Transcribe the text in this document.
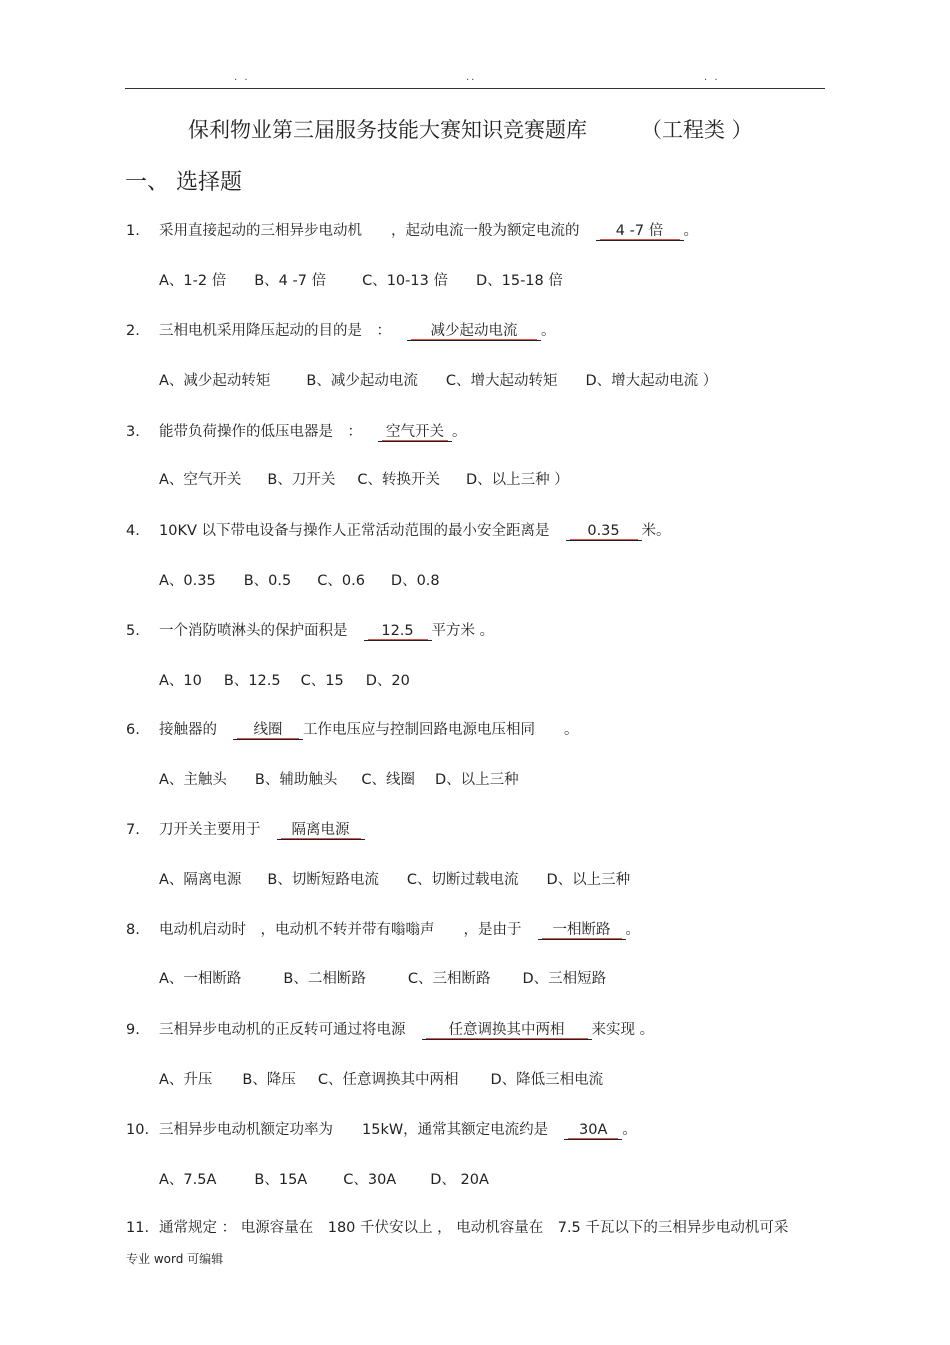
. .	..	. .
保利物业第三届服务技能大赛知识竞赛题库	（工程类 ）
一、 选择题
1. 采用直接起动的三相异步电动机　　，起动电流一般为额定电流的	4 -7 倍 。
A、1-2 倍 B、4 -7 倍 C、10-13 倍 D、15-18 倍
2. 三相电机采用降压起动的目的是　：	减少起动电流 。
A、减少起动转矩 B、减少起动电流 C、增大起动转矩 D、增大起动电流 ）
3. 能带负荷操作的低压电器是　： 空气开关 。
A、空气开关 B、刀开关 C、转换开关 D、以上三种 ）
4. 10KV 以下带电设备与操作人正常活动范围的最小安全距离是	0.35 米。
A、0.35 B、0.5 C、0.6 D、0.8
5. 一个消防喷淋头的保护面积是 12.5 平方米 。
A、10 B、12.5 C、15 D、20
6. 接触器的	线圈 工作电压应与控制回路电源电压相同　　。
A、主触头 B、辅助触头 C、线圈 D、以上三种
7. 刀开关主要用于 隔离电源
A、隔离电源 B、切断短路电流 C、切断过载电流 D、以上三种
8. 电动机启动时　，电动机不转并带有嗡嗡声　　，是由于 一相断路 。
A、一相断路	B、二相断路	C、三相断路 D、三相短路
9. 三相异步电动机的正反转可通过将电源	任意调换其中两相 来实现 。
A、升压 B、降压 C、任意调换其中两相 D、降低三相电流
10. 三相异步电动机额定功率为　　15kW，通常其额定电流约是 30A 。
A、7.5A	B、15A C、30A D、 20A
11. 通常规定 ： 电源容量在　180 千伏安以上 ， 电动机容量在　7.5 千瓦以下的三相异步电动机可采
专业 word 可编辑
